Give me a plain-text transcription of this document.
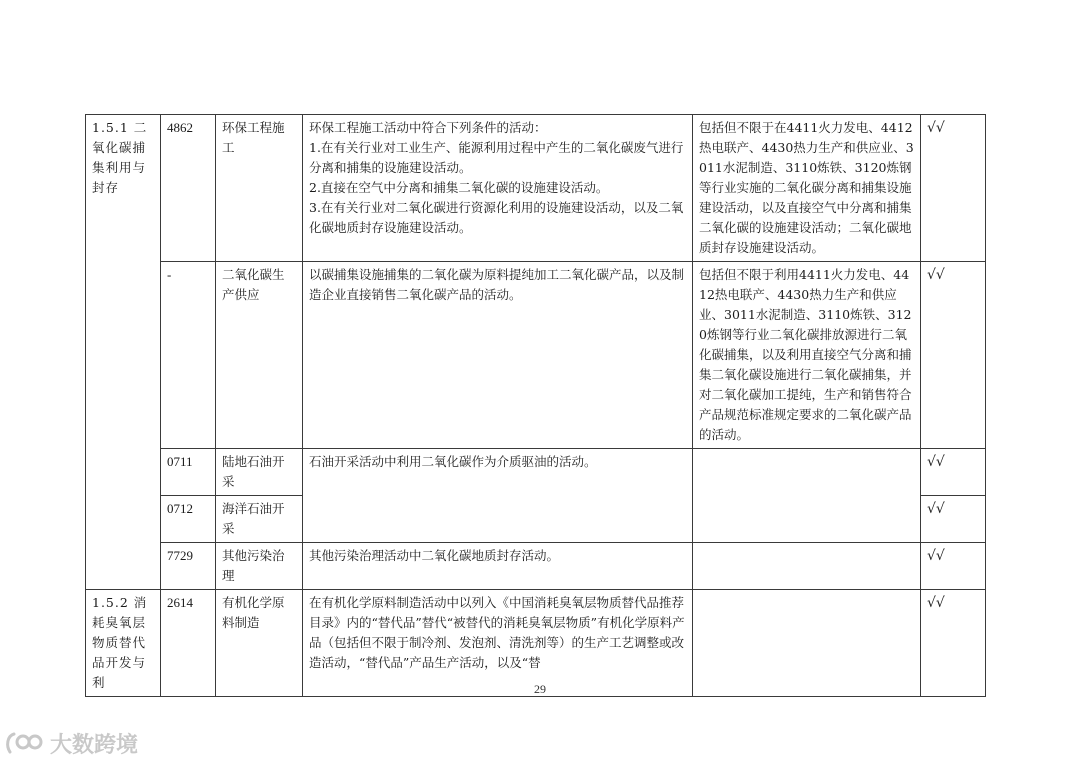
1.5.1 二氧化碳捕集利用与封存	4862	环保工程施工	环保工程施工活动中符合下列条件的活动：
1.在有关行业对工业生产、能源利用过程中产生的二氧化碳废气进行分离和捕集的设施建设活动。
2.直接在空气中分离和捕集二氧化碳的设施建设活动。
3.在有关行业对二氧化碳进行资源化利用的设施建设活动，以及二氧化碳地质封存设施建设活动。	包括但不限于在4411火力发电、4412热电联产、4430热力生产和供应业、3011水泥制造、3110炼铁、3120炼钢等行业实施的二氧化碳分离和捕集设施建设活动，以及直接空气中分离和捕集二氧化碳的设施建设活动；二氧化碳地质封存设施建设活动。	√√
	-	二氧化碳生产供应	以碳捕集设施捕集的二氧化碳为原料提纯加工二氧化碳产品，以及制造企业直接销售二氧化碳产品的活动。	包括但不限于利用4411火力发电、4412热电联产、4430热力生产和供应业、3011水泥制造、3110炼铁、3120炼钢等行业二氧化碳排放源进行二氧化碳捕集，以及利用直接空气分离和捕集二氧化碳设施进行二氧化碳捕集，并对二氧化碳加工提纯，生产和销售符合产品规范标准规定要求的二氧化碳产品的活动。	√√
	0711	陆地石油开采	石油开采活动中利用二氧化碳作为介质驱油的活动。		√√
	0712	海洋石油开采			√√
	7729	其他污染治理	其他污染治理活动中二氧化碳地质封存活动。		√√
1.5.2 消耗臭氧层物质替代品开发与利	2614	有机化学原料制造	在有机化学原料制造活动中以列入《中国消耗臭氧层物质替代品推荐目录》内的“替代品”替代“被替代的消耗臭氧层物质”有机化学原料产品（包括但不限于制冷剂、发泡剂、清洗剂等）的生产工艺调整或改造活动，“替代品”产品生产活动，以及“替		√√
29
大数跨境
